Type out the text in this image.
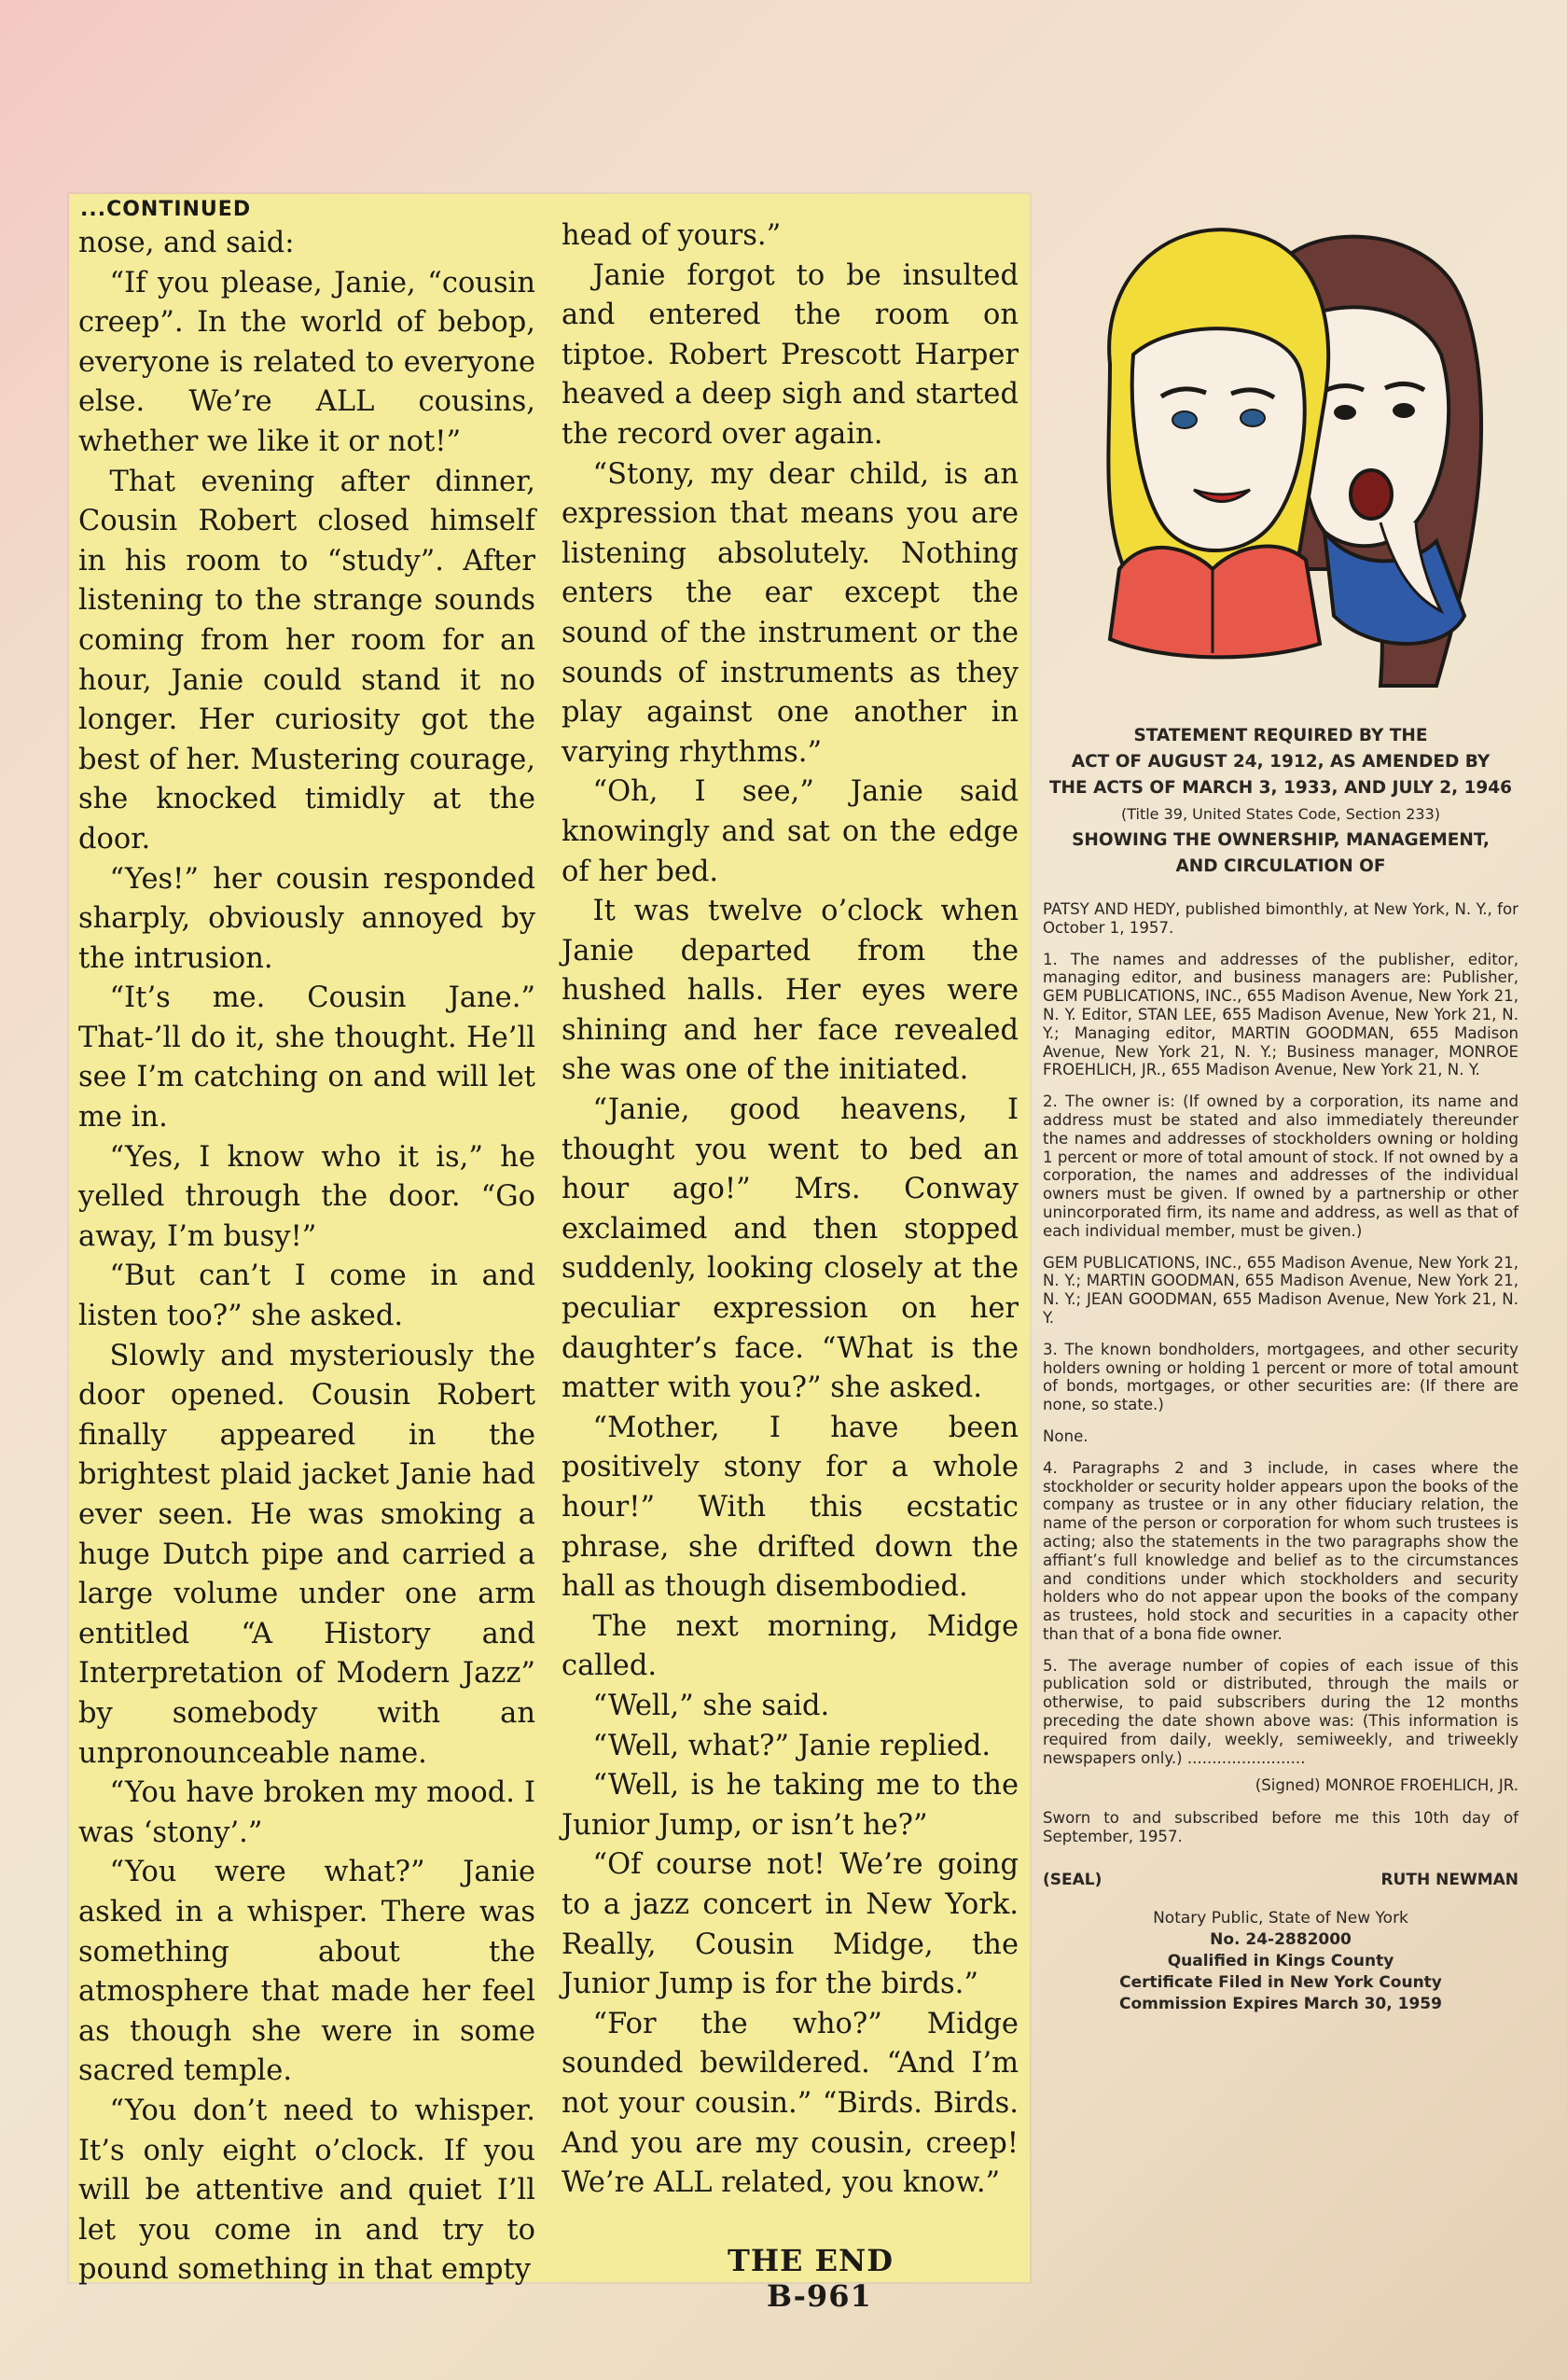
...CONTINUED

nose, and said:

“If you please, Janie, “cousin creep”. In the world of bebop, everyone is related to everyone else. We’re ALL cousins, whether we like it or not!”

That evening after dinner, Cousin Robert closed himself in his room to “study”. After listening to the strange sounds coming from her room for an hour, Janie could stand it no longer. Her curiosity got the best of her. Mustering courage, she knocked timidly at the door.

“Yes!” her cousin responded sharply, obviously annoyed by the intrusion.

“It’s me. Cousin Jane.” That-’ll do it, she thought. He’ll see I’m catching on and will let me in.

“Yes, I know who it is,” he yelled through the door. “Go away, I’m busy!”

“But can’t I come in and listen too?” she asked.

Slowly and mysteriously the door opened. Cousin Robert finally appeared in the brightest plaid jacket Janie had ever seen. He was smoking a huge Dutch pipe and carried a large volume under one arm entitled “A History and Interpretation of Modern Jazz” by somebody with an unpronounceable name.

“You have broken my mood. I was ‘stony’.”

“You were what?” Janie asked in a whisper. There was something about the atmosphere that made her feel as though she were in some sacred temple.

“You don’t need to whisper. It’s only eight o’clock. If you will be attentive and quiet I’ll let you come in and try to pound something in that empty

head of yours.”

Janie forgot to be insulted and entered the room on tiptoe. Robert Prescott Harper heaved a deep sigh and started the record over again.

“Stony, my dear child, is an expression that means you are listening absolutely. Nothing enters the ear except the sound of the instrument or the sounds of instruments as they play against one another in varying rhythms.”

“Oh, I see,” Janie said knowingly and sat on the edge of her bed.

It was twelve o’clock when Janie departed from the hushed halls. Her eyes were shining and her face revealed she was one of the initiated.

“Janie, good heavens, I thought you went to bed an hour ago!” Mrs. Conway exclaimed and then stopped suddenly, looking closely at the peculiar expression on her daughter’s face. “What is the matter with you?” she asked.

“Mother, I have been positively stony for a whole hour!” With this ecstatic phrase, she drifted down the hall as though disembodied.

The next morning, Midge called.

“Well,” she said.

“Well, what?” Janie replied.

“Well, is he taking me to the Junior Jump, or isn’t he?”

“Of course not! We’re going to a jazz concert in New York. Really, Cousin Midge, the Junior Jump is for the birds.”

“For the who?” Midge sounded bewildered. “And I’m not your cousin.” “Birds. Birds. And you are my cousin, creep! We’re ALL related, you know.”

THE END B-961
STATEMENT REQUIRED BY THE
ACT OF AUGUST 24, 1912, AS AMENDED BY
THE ACTS OF MARCH 3, 1933, AND JULY 2, 1946
(Title 39, United States Code, Section 233)
SHOWING THE OWNERSHIP, MANAGEMENT,
AND CIRCULATION OF

PATSY AND HEDY, published bimonthly, at New York, N. Y., for October 1, 1957.

1. The names and addresses of the publisher, editor, managing editor, and business managers are: Publisher, GEM PUBLICATIONS, INC., 655 Madison Avenue, New York 21, N. Y. Editor, STAN LEE, 655 Madison Avenue, New York 21, N. Y.; Managing editor, MARTIN GOODMAN, 655 Madison Avenue, New York 21, N. Y.; Business manager, MONROE FROEHLICH, JR., 655 Madison Avenue, New York 21, N. Y.

2. The owner is: (If owned by a corporation, its name and address must be stated and also immediately thereunder the names and addresses of stockholders owning or holding 1 percent or more of total amount of stock. If not owned by a corporation, the names and addresses of the individual owners must be given. If owned by a partnership or other unincorporated firm, its name and address, as well as that of each individual member, must be given.)

GEM PUBLICATIONS, INC., 655 Madison Avenue, New York 21, N. Y.; MARTIN GOODMAN, 655 Madison Avenue, New York 21, N. Y.; JEAN GOODMAN, 655 Madison Avenue, New York 21, N. Y.

3. The known bondholders, mortgagees, and other security holders owning or holding 1 percent or more of total amount of bonds, mortgages, or other securities are: (If there are none, so state.)

None.

4. Paragraphs 2 and 3 include, in cases where the stockholder or security holder appears upon the books of the company as trustee or in any other fiduciary relation, the name of the person or corporation for whom such trustees is acting; also the statements in the two paragraphs show the affiant’s full knowledge and belief as to the circumstances and conditions under which stockholders and security holders who do not appear upon the books of the company as trustees, hold stock and securities in a capacity other than that of a bona fide owner.

5. The average number of copies of each issue of this publication sold or distributed, through the mails or otherwise, to paid subscribers during the 12 months preceding the date shown above was: (This information is required from daily, weekly, semiweekly, and triweekly newspapers only.) ........................

(Signed) MONROE FROEHLICH, JR.

Sworn to and subscribed before me this 10th day of September, 1957.

(SEAL)	RUTH NEWMAN
Notary Public, State of New York
No. 24-2882000
Qualified in Kings County
Certificate Filed in New York County
Commission Expires March 30, 1959
